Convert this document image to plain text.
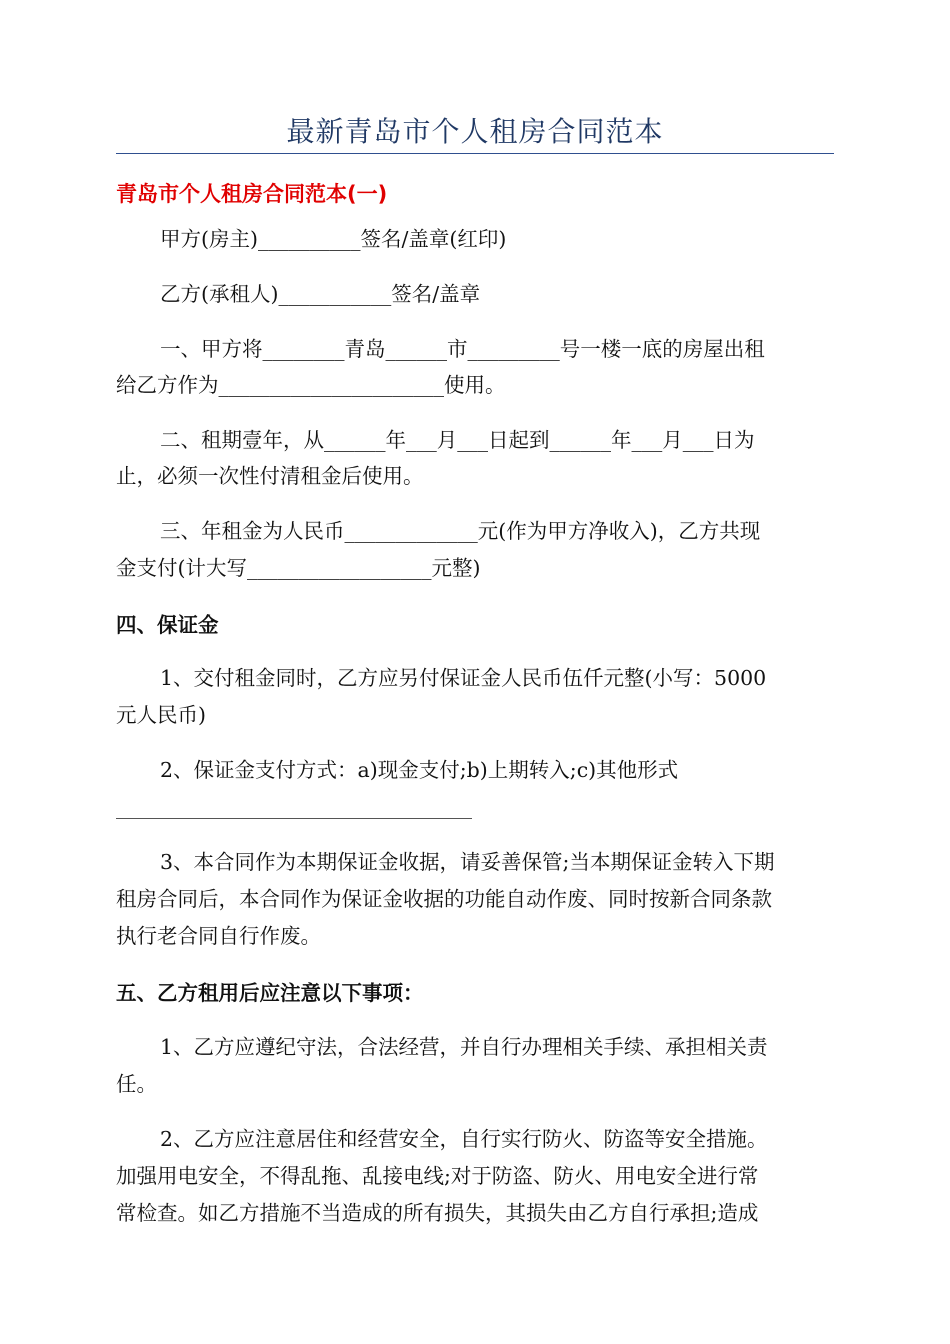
最新青岛市个人租房合同范本
青岛市个人租房合同范本(一)
甲方(房主)__________签名/盖章(红印)
乙方(承租人)___________签名/盖章
一、甲方将________青岛______市_________号一楼一底的房屋出租
给乙方作为______________________使用。
二、租期壹年，从______年___月___日起到______年___月___日为
止，必须一次性付清租金后使用。
三、年租金为人民币_____________元(作为甲方净收入)，乙方共现
金支付(计大写__________________元整)
四、保证金
1、交付租金同时，乙方应另付保证金人民币伍仟元整(小写：5000
元人民币)
2、保证金支付方式：a)现金支付;b)上期转入;c)其他形式
3、本合同作为本期保证金收据，请妥善保管;当本期保证金转入下期
租房合同后，本合同作为保证金收据的功能自动作废、同时按新合同条款
执行老合同自行作废。
五、乙方租用后应注意以下事项：
1、乙方应遵纪守法，合法经营，并自行办理相关手续、承担相关责
任。
2、乙方应注意居住和经营安全，自行实行防火、防盗等安全措施。
加强用电安全，不得乱拖、乱接电线;对于防盗、防火、用电安全进行常
常检查。如乙方措施不当造成的所有损失，其损失由乙方自行承担;造成
